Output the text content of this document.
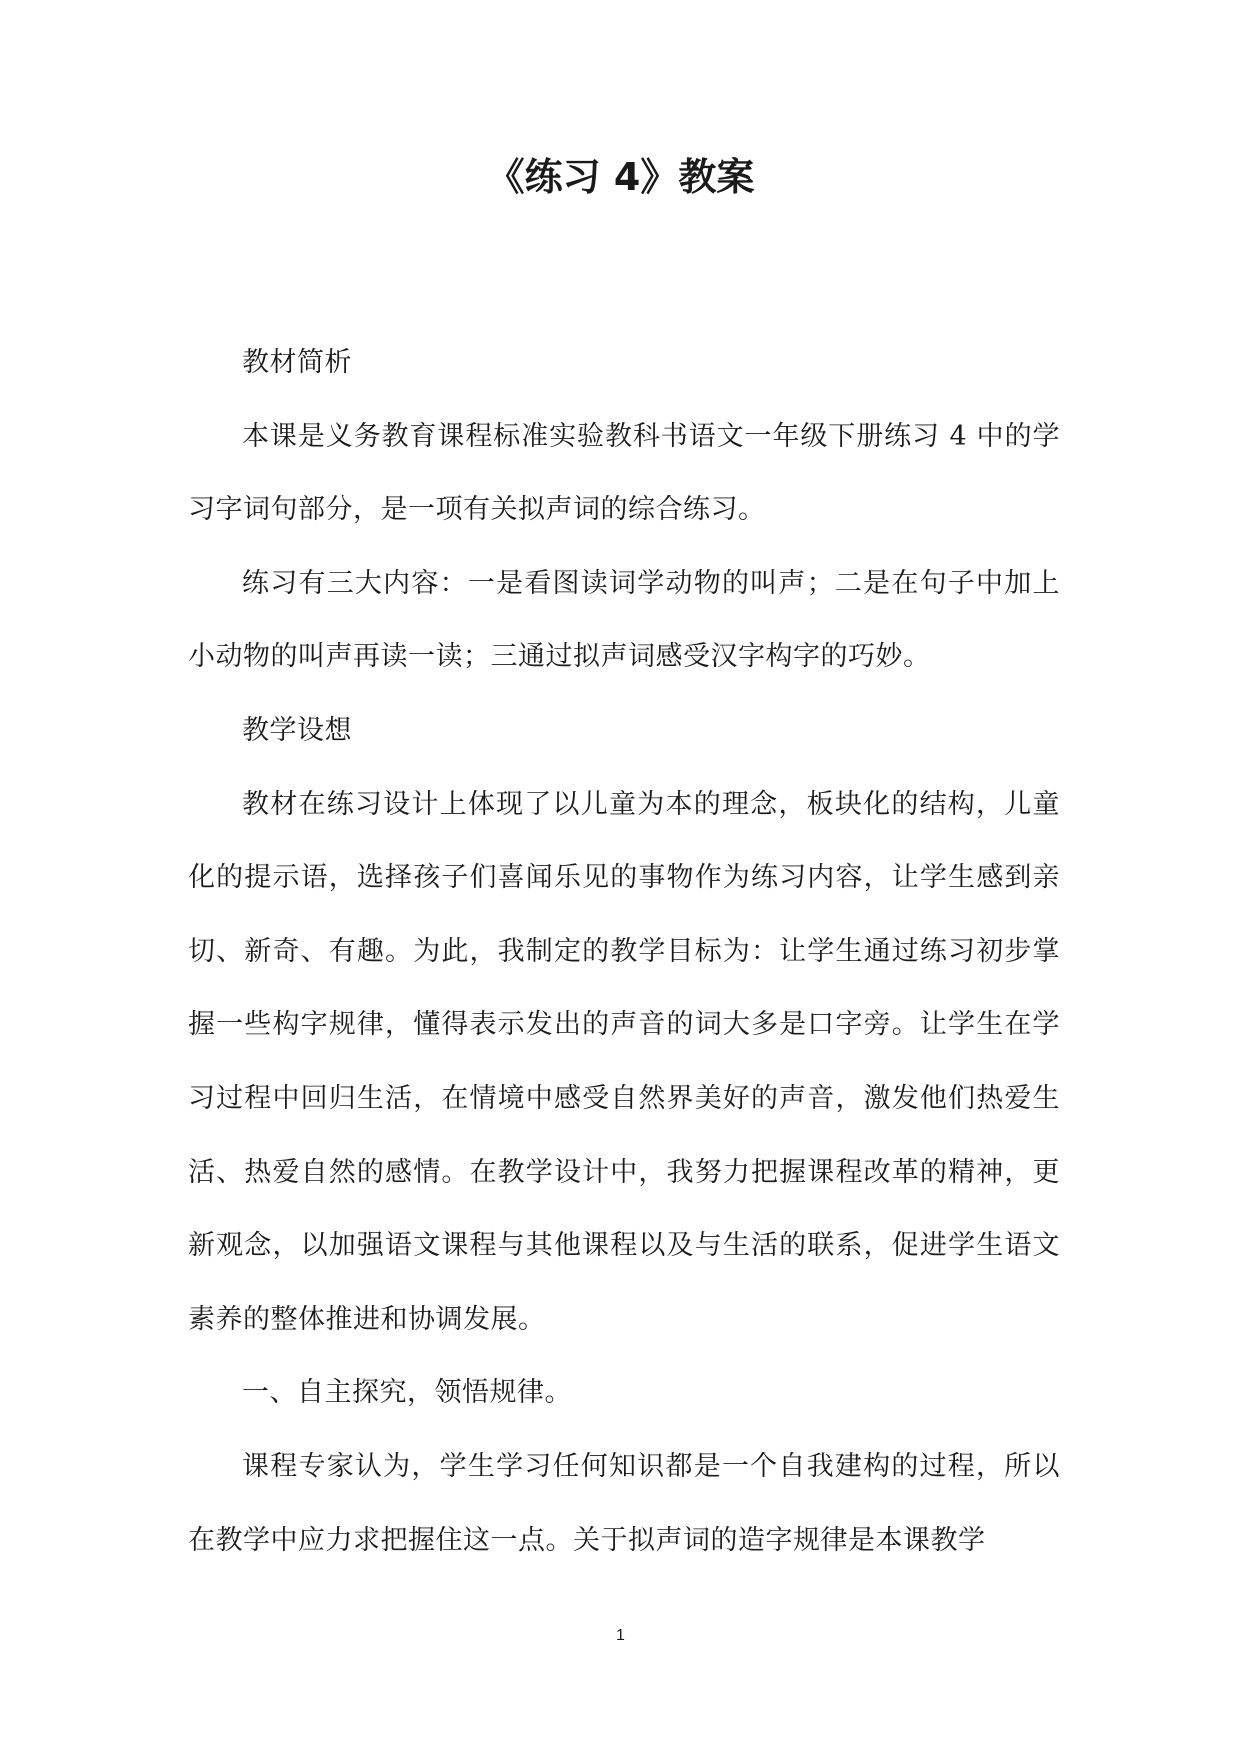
《练习 4》教案

教材简析

本课是义务教育课程标准实验教科书语文一年级下册练习 4 中的学习字词句部分，是一项有关拟声词的综合练习。

练习有三大内容：一是看图读词学动物的叫声；二是在句子中加上小动物的叫声再读一读；三通过拟声词感受汉字构字的巧妙。

教学设想

教材在练习设计上体现了以儿童为本的理念，板块化的结构，儿童化的提示语，选择孩子们喜闻乐见的事物作为练习内容，让学生感到亲切、新奇、有趣。为此，我制定的教学目标为：让学生通过练习初步掌握一些构字规律，懂得表示发出的声音的词大多是口字旁。让学生在学习过程中回归生活，在情境中感受自然界美好的声音，激发他们热爱生活、热爱自然的感情。在教学设计中，我努力把握课程改革的精神，更新观念，以加强语文课程与其他课程以及与生活的联系，促进学生语文素养的整体推进和协调发展。

一、自主探究，领悟规律。

课程专家认为，学生学习任何知识都是一个自我建构的过程，所以在教学中应力求把握住这一点。关于拟声词的造字规律是本课教学

1
